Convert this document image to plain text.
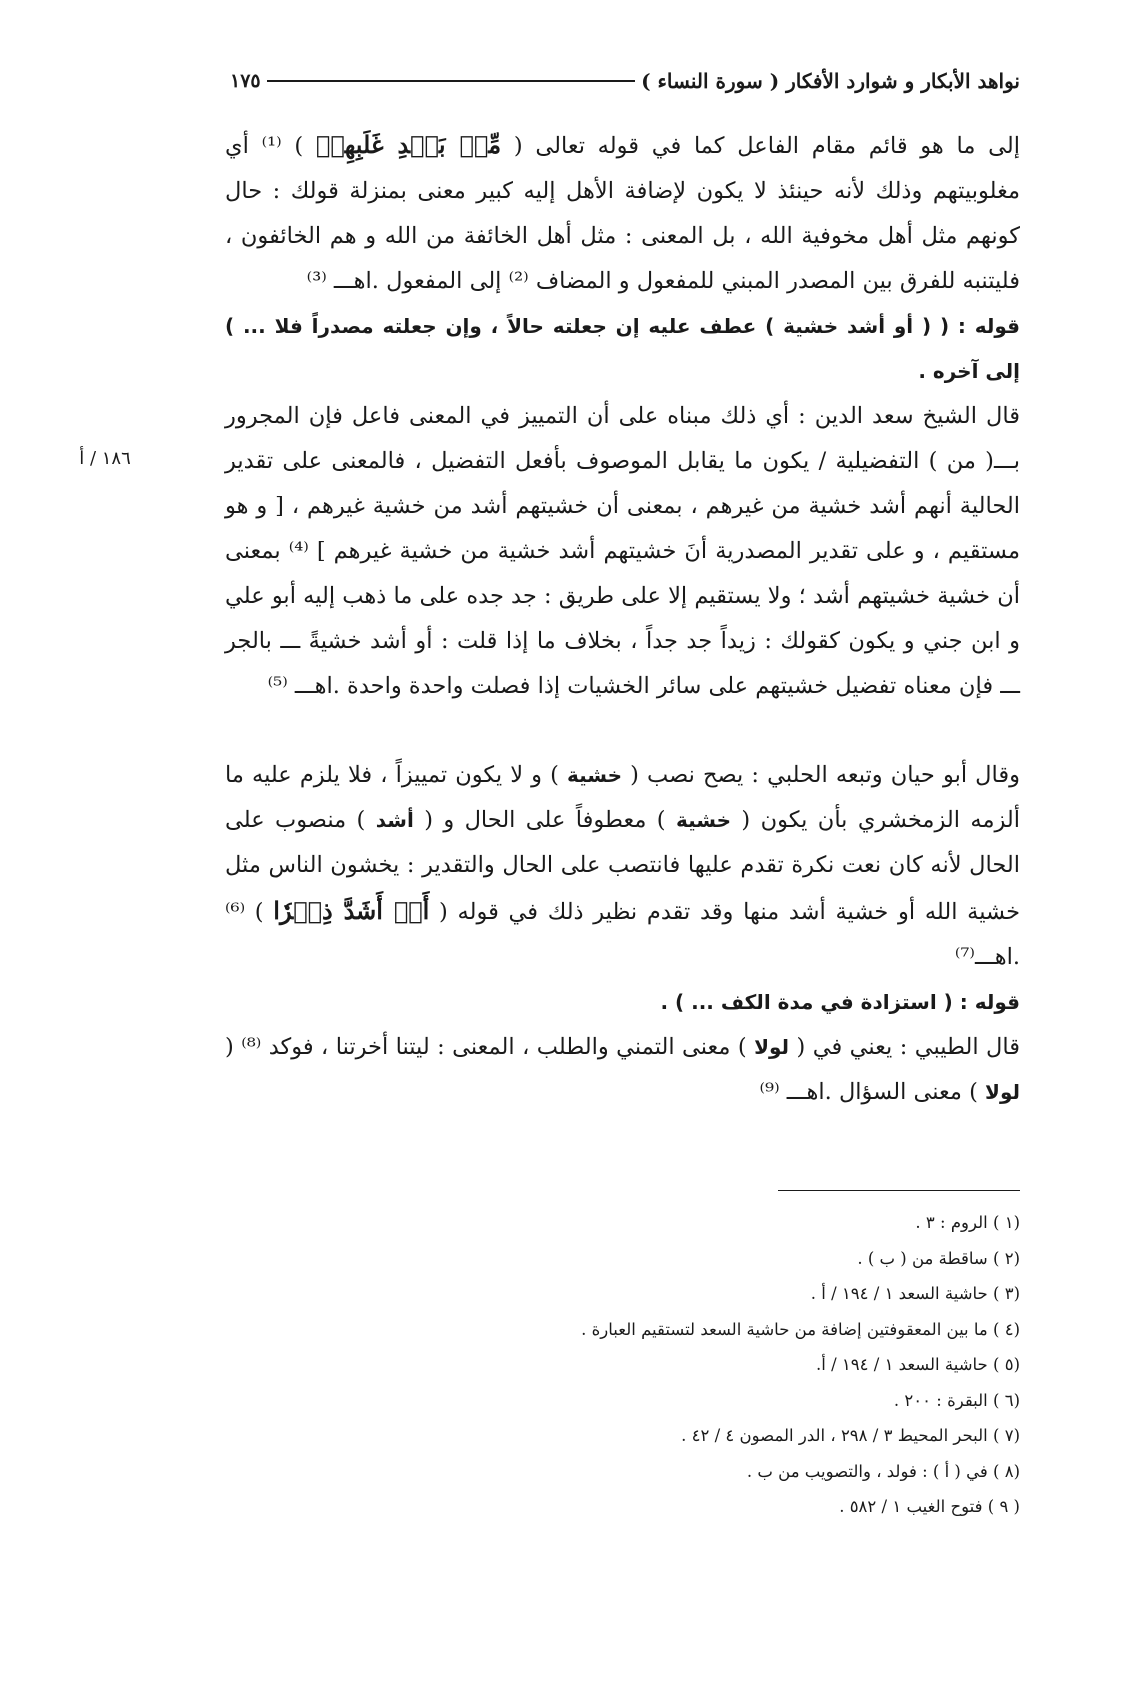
نواهد الأبكار و شوارد الأفكار ( سورة النساء )
١٧٥
١٨٦ / أ

إلى ما هو قائم مقام الفاعل كما في قوله تعالى ( مِّنۢ بَعۡدِ غَلَبِهِمۡ ) ⁽¹⁾ أي مغلوبيتهم وذلك لأنه حينئذ لا يكون لإضافة الأهل إليه كبير معنى بمنزلة قولك : حال كونهم مثل أهل مخوفية الله ، بل المعنى : مثل أهل الخائفة من الله و هم الخائفون ، فليتنبه للفرق بين المصدر المبني للمفعول و المضاف ⁽²⁾ إلى المفعول .اهـــ ⁽³⁾

قوله : ( ( أو أشد خشية ) عطف عليه إن جعلته حالاً ، وإن جعلته مصدراً فلا ... ) إلى آخره .

قال الشيخ سعد الدين : أي ذلك مبناه على أن التمييز في المعنى فاعل فإن المجرور بـــ( من ) التفضيلية / يكون ما يقابل الموصوف بأفعل التفضيل ، فالمعنى على تقدير الحالية أنهم أشد خشية من غيرهم ، بمعنى أن خشيتهم أشد من خشية غيرهم ، [ و هو مستقيم ، و على تقدير المصدرية أنَ خشيتهم أشد خشية من خشية غيرهم ] ⁽⁴⁾ بمعنى أن خشية خشيتهم أشد ؛ ولا يستقيم إلا على طريق : جد جده على ما ذهب إليه أبو علي و ابن جني و يكون كقولك : زيداً جد جداً ، بخلاف ما إذا قلت : أو أشد خشيةً ـــ بالجر ـــ فإن معناه تفضيل خشيتهم على سائر الخشيات إذا فصلت واحدة واحدة .اهـــ ⁽⁵⁾

وقال أبو حيان وتبعه الحلبي : يصح نصب ( خشية ) و لا يكون تمييزاً ، فلا يلزم عليه ما ألزمه الزمخشري بأن يكون ( خشية ) معطوفاً على الحال و ( أشد ) منصوب على الحال لأنه كان نعت نكرة تقدم عليها فانتصب على الحال والتقدير : يخشون الناس مثل خشية الله أو خشية أشد منها وقد تقدم نظير ذلك في قوله ( أَوۡ أَشَدَّ ذِكۡرٗا ) ⁽⁶⁾ .اهـــ⁽⁷⁾

قوله : ( استزادة في مدة الكف ... ) .

قال الطيبي : يعني في ( لولا ) معنى التمني والطلب ، المعنى : ليتنا أخرتنا ، فوكد ⁽⁸⁾ ( لولا ) معنى السؤال .اهـــ ⁽⁹⁾

(١ ) الروم : ٣ .
(٢ ) ساقطة من ( ب ) .
(٣ ) حاشية السعد ١ / ١٩٤ / أ .
(٤ ) ما بين المعقوفتين إضافة من حاشية السعد لتستقيم العبارة .
(٥ ) حاشية السعد ١ / ١٩٤ / أ.
(٦ ) البقرة : ٢٠٠ .
(٧ ) البحر المحيط ٣ / ٢٩٨ ، الدر المصون ٤ / ٤٢ .
(٨ ) في ( أ ) : فولد ، والتصويب من ب .
( ٩ ) فتوح الغيب ١ / ٥٨٢ .
